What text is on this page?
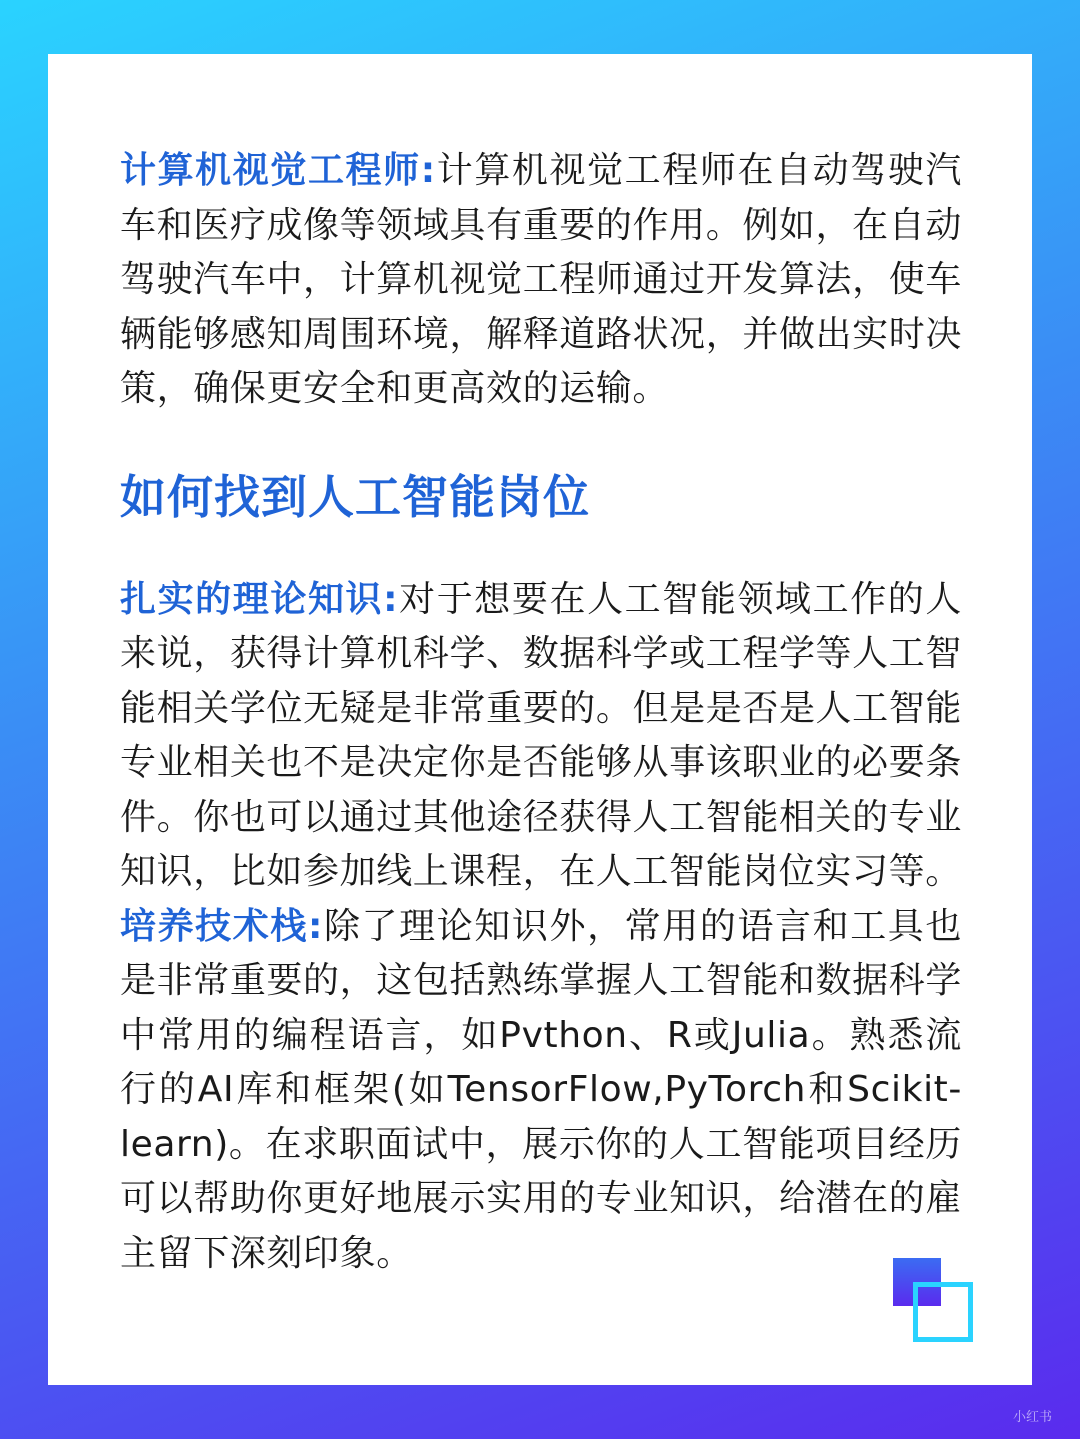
计算机视觉工程师:计算机视觉工程师在自动驾驶汽车和医疗成像等领域具有重要的作用。例如，在自动驾驶汽车中，计算机视觉工程师通过开发算法，使车辆能够感知周围环境，解释道路状况，并做出实时决策，确保更安全和更高效的运输。

如何找到人工智能岗位

扎实的理论知识:对于想要在人工智能领域工作的人来说，获得计算机科学、数据科学或工程学等人工智能相关学位无疑是非常重要的。但是是否是人工智能专业相关也不是决定你是否能够从事该职业的必要条件。你也可以通过其他途径获得人工智能相关的专业知识，比如参加线上课程，在人工智能岗位实习等。

培养技术栈:除了理论知识外，常用的语言和工具也是非常重要的，这包括熟练掌握人工智能和数据科学中常用的编程语言，如Pvthon、R或Julia。熟悉流行的AI库和框架(如TensorFlow,PyTorch和Scikit-learn)。在求职面试中，展示你的人工智能项目经历可以帮助你更好地展示实用的专业知识，给潜在的雇主留下深刻印象。

小红书
